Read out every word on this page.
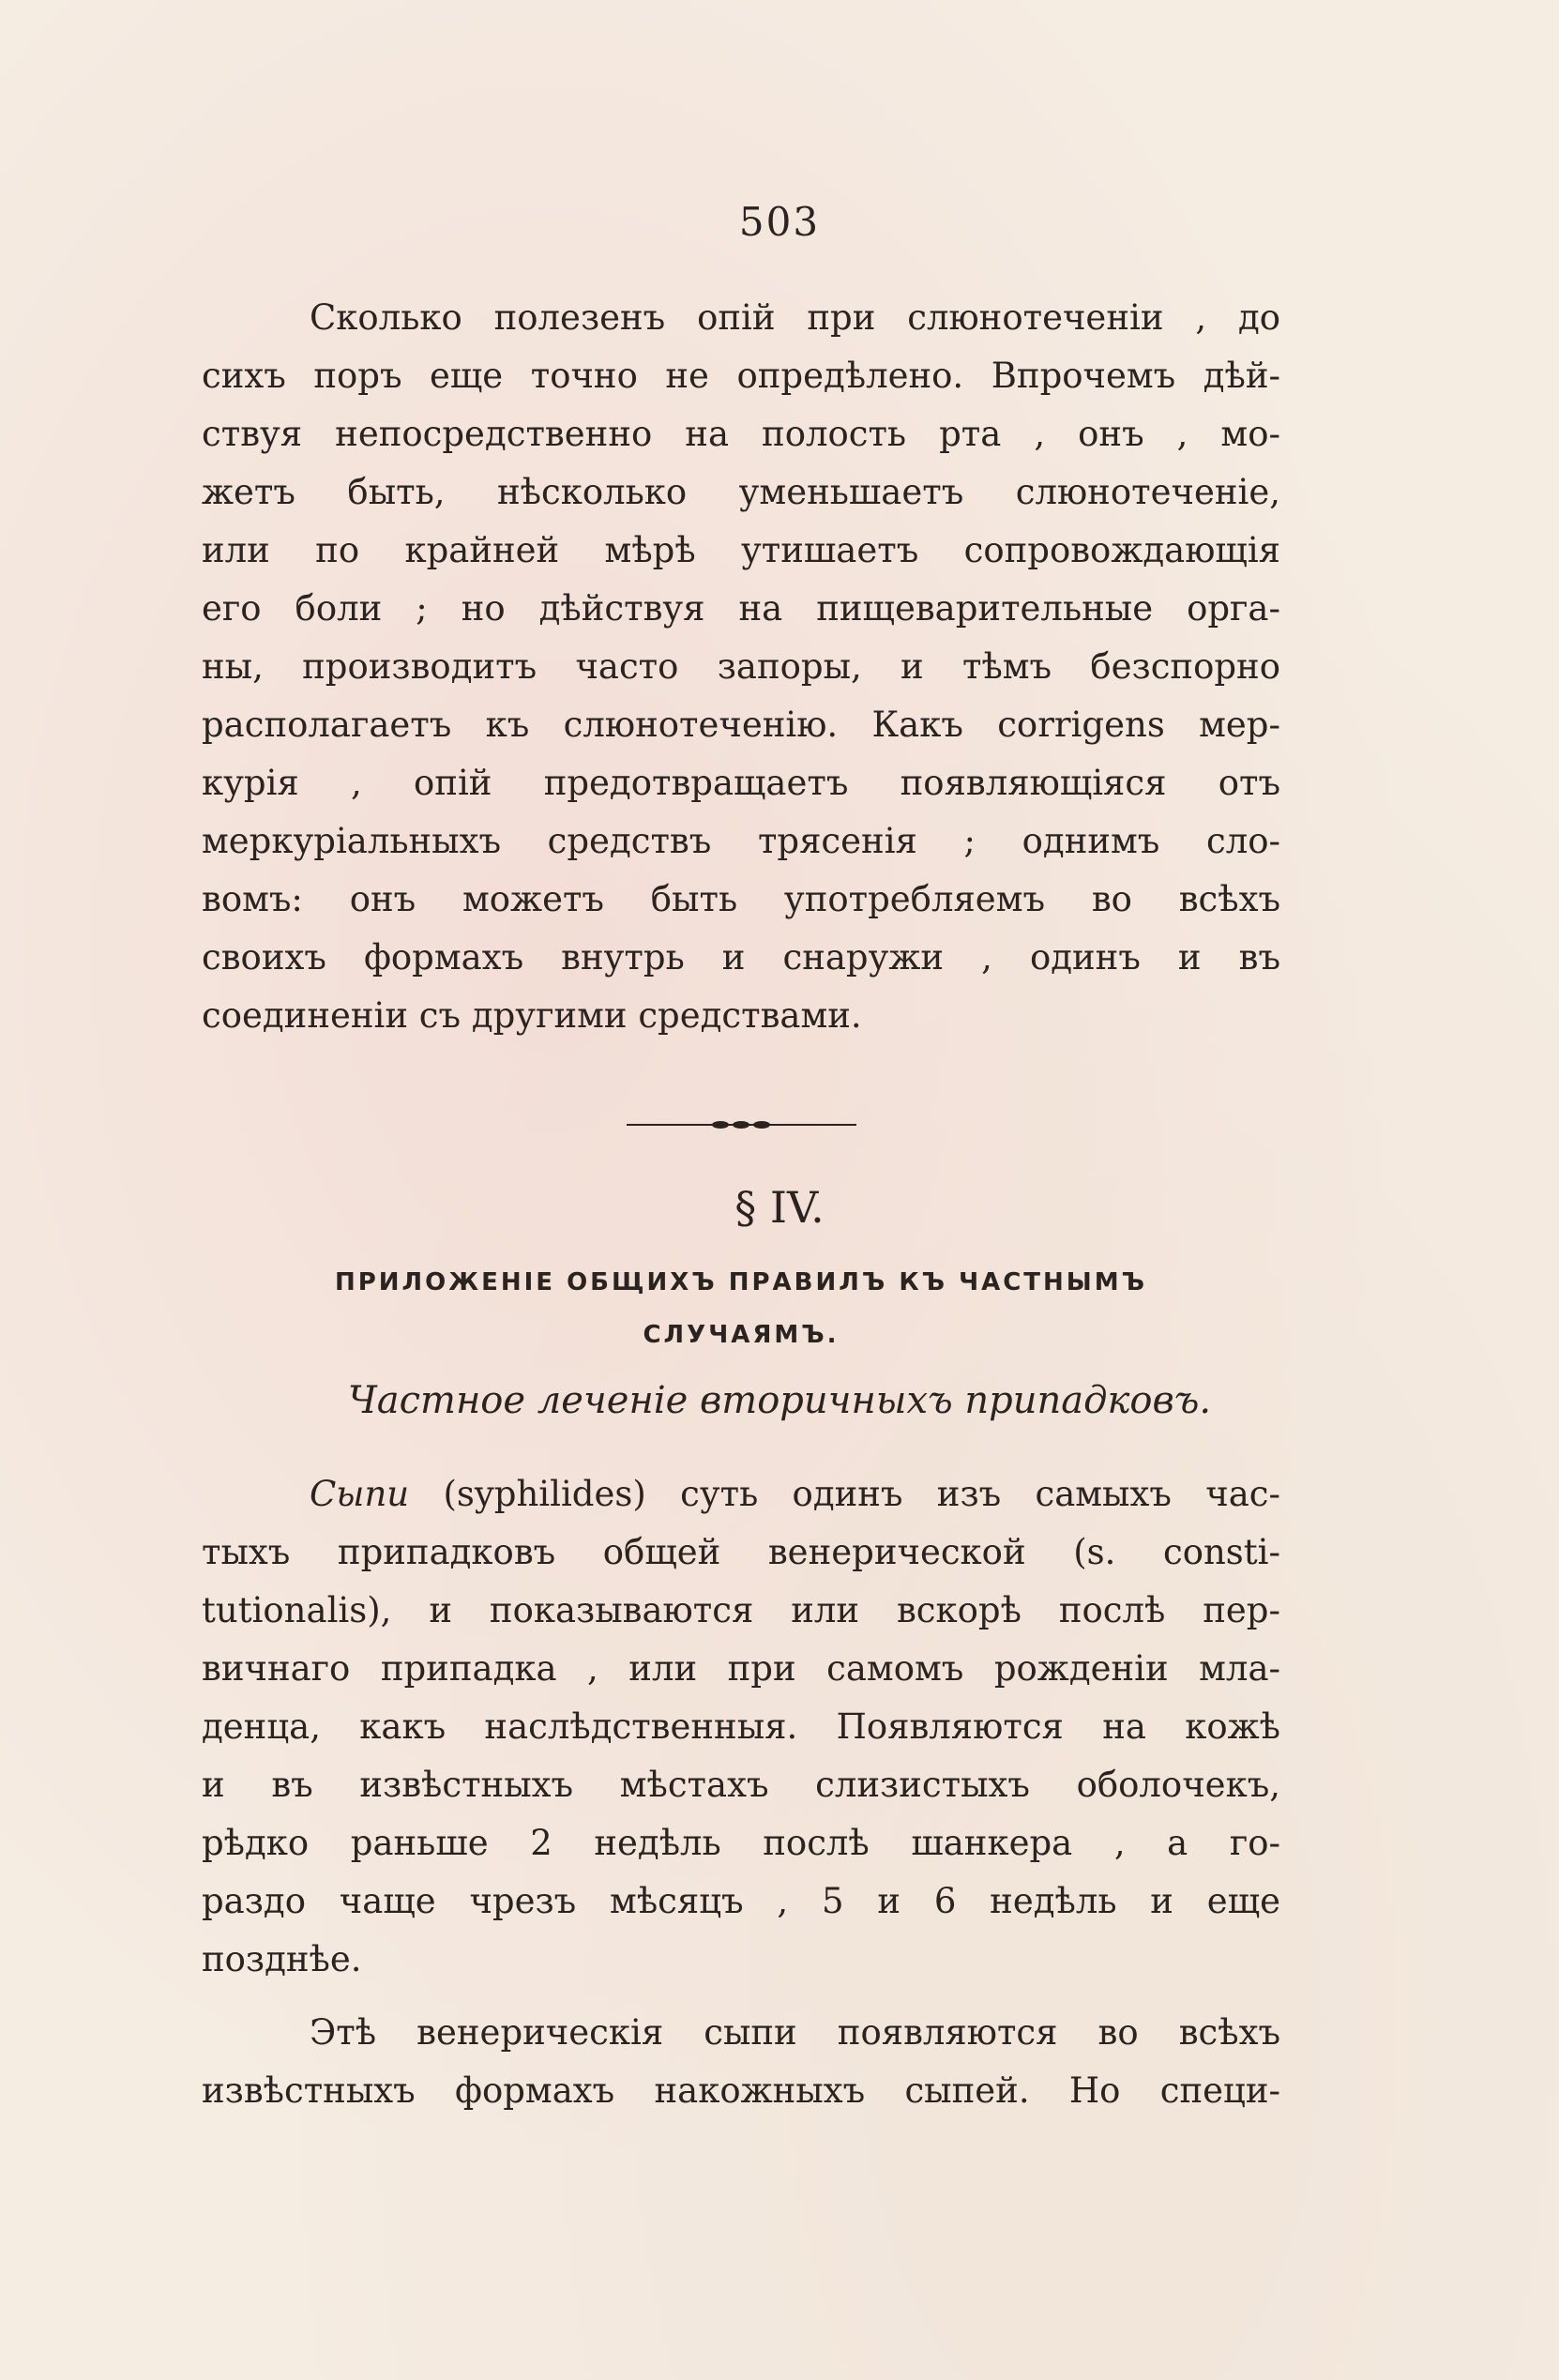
503
Сколько полезенъ опій при слюнотеченіи , до
сихъ поръ еще точно не опредѣлено. Впрочемъ дѣй-
ствуя непосредственно на полость рта , онъ , мо-
жетъ быть, нѣсколько уменьшаетъ слюнотеченіе,
или по крайней мѣрѣ утишаетъ сопровождающія
его боли ; но дѣйствуя на пищеварительные орга-
ны, производитъ часто запоры, и тѣмъ безспорно
располагаетъ къ слюнотеченію. Какъ corrigens мер-
курія , опій предотвращаетъ появляющіяся отъ
меркуріальныхъ средствъ трясенія ; однимъ сло-
вомъ: онъ можетъ быть употребляемъ во всѣхъ
своихъ формахъ внутрь и снаружи , одинъ и въ
соединеніи съ другими средствами.
§ IV.
ПРИЛОЖЕНІЕ ОБЩИХЪ ПРАВИЛЪ КЪ ЧАСТНЫМЪ
СЛУЧАЯМЪ.
Частное леченіе вторичныхъ припадковъ.
Сыпи (syphilides) суть одинъ изъ самыхъ час-
тыхъ припадковъ общей венерической (s. consti-
tutionalis), и показываются или вскорѣ послѣ пер-
вичнаго припадка , или при самомъ рожденіи мла-
денца, какъ наслѣдственныя. Появляются на кожѣ
и въ извѣстныхъ мѣстахъ слизистыхъ оболочекъ,
рѣдко раньше 2 недѣль послѣ шанкера , а го-
раздо чаще чрезъ мѣсяцъ , 5 и 6 недѣль и еще
позднѣе.
Этѣ венерическія сыпи появляются во всѣхъ
извѣстныхъ формахъ накожныхъ сыпей. Но специ-
